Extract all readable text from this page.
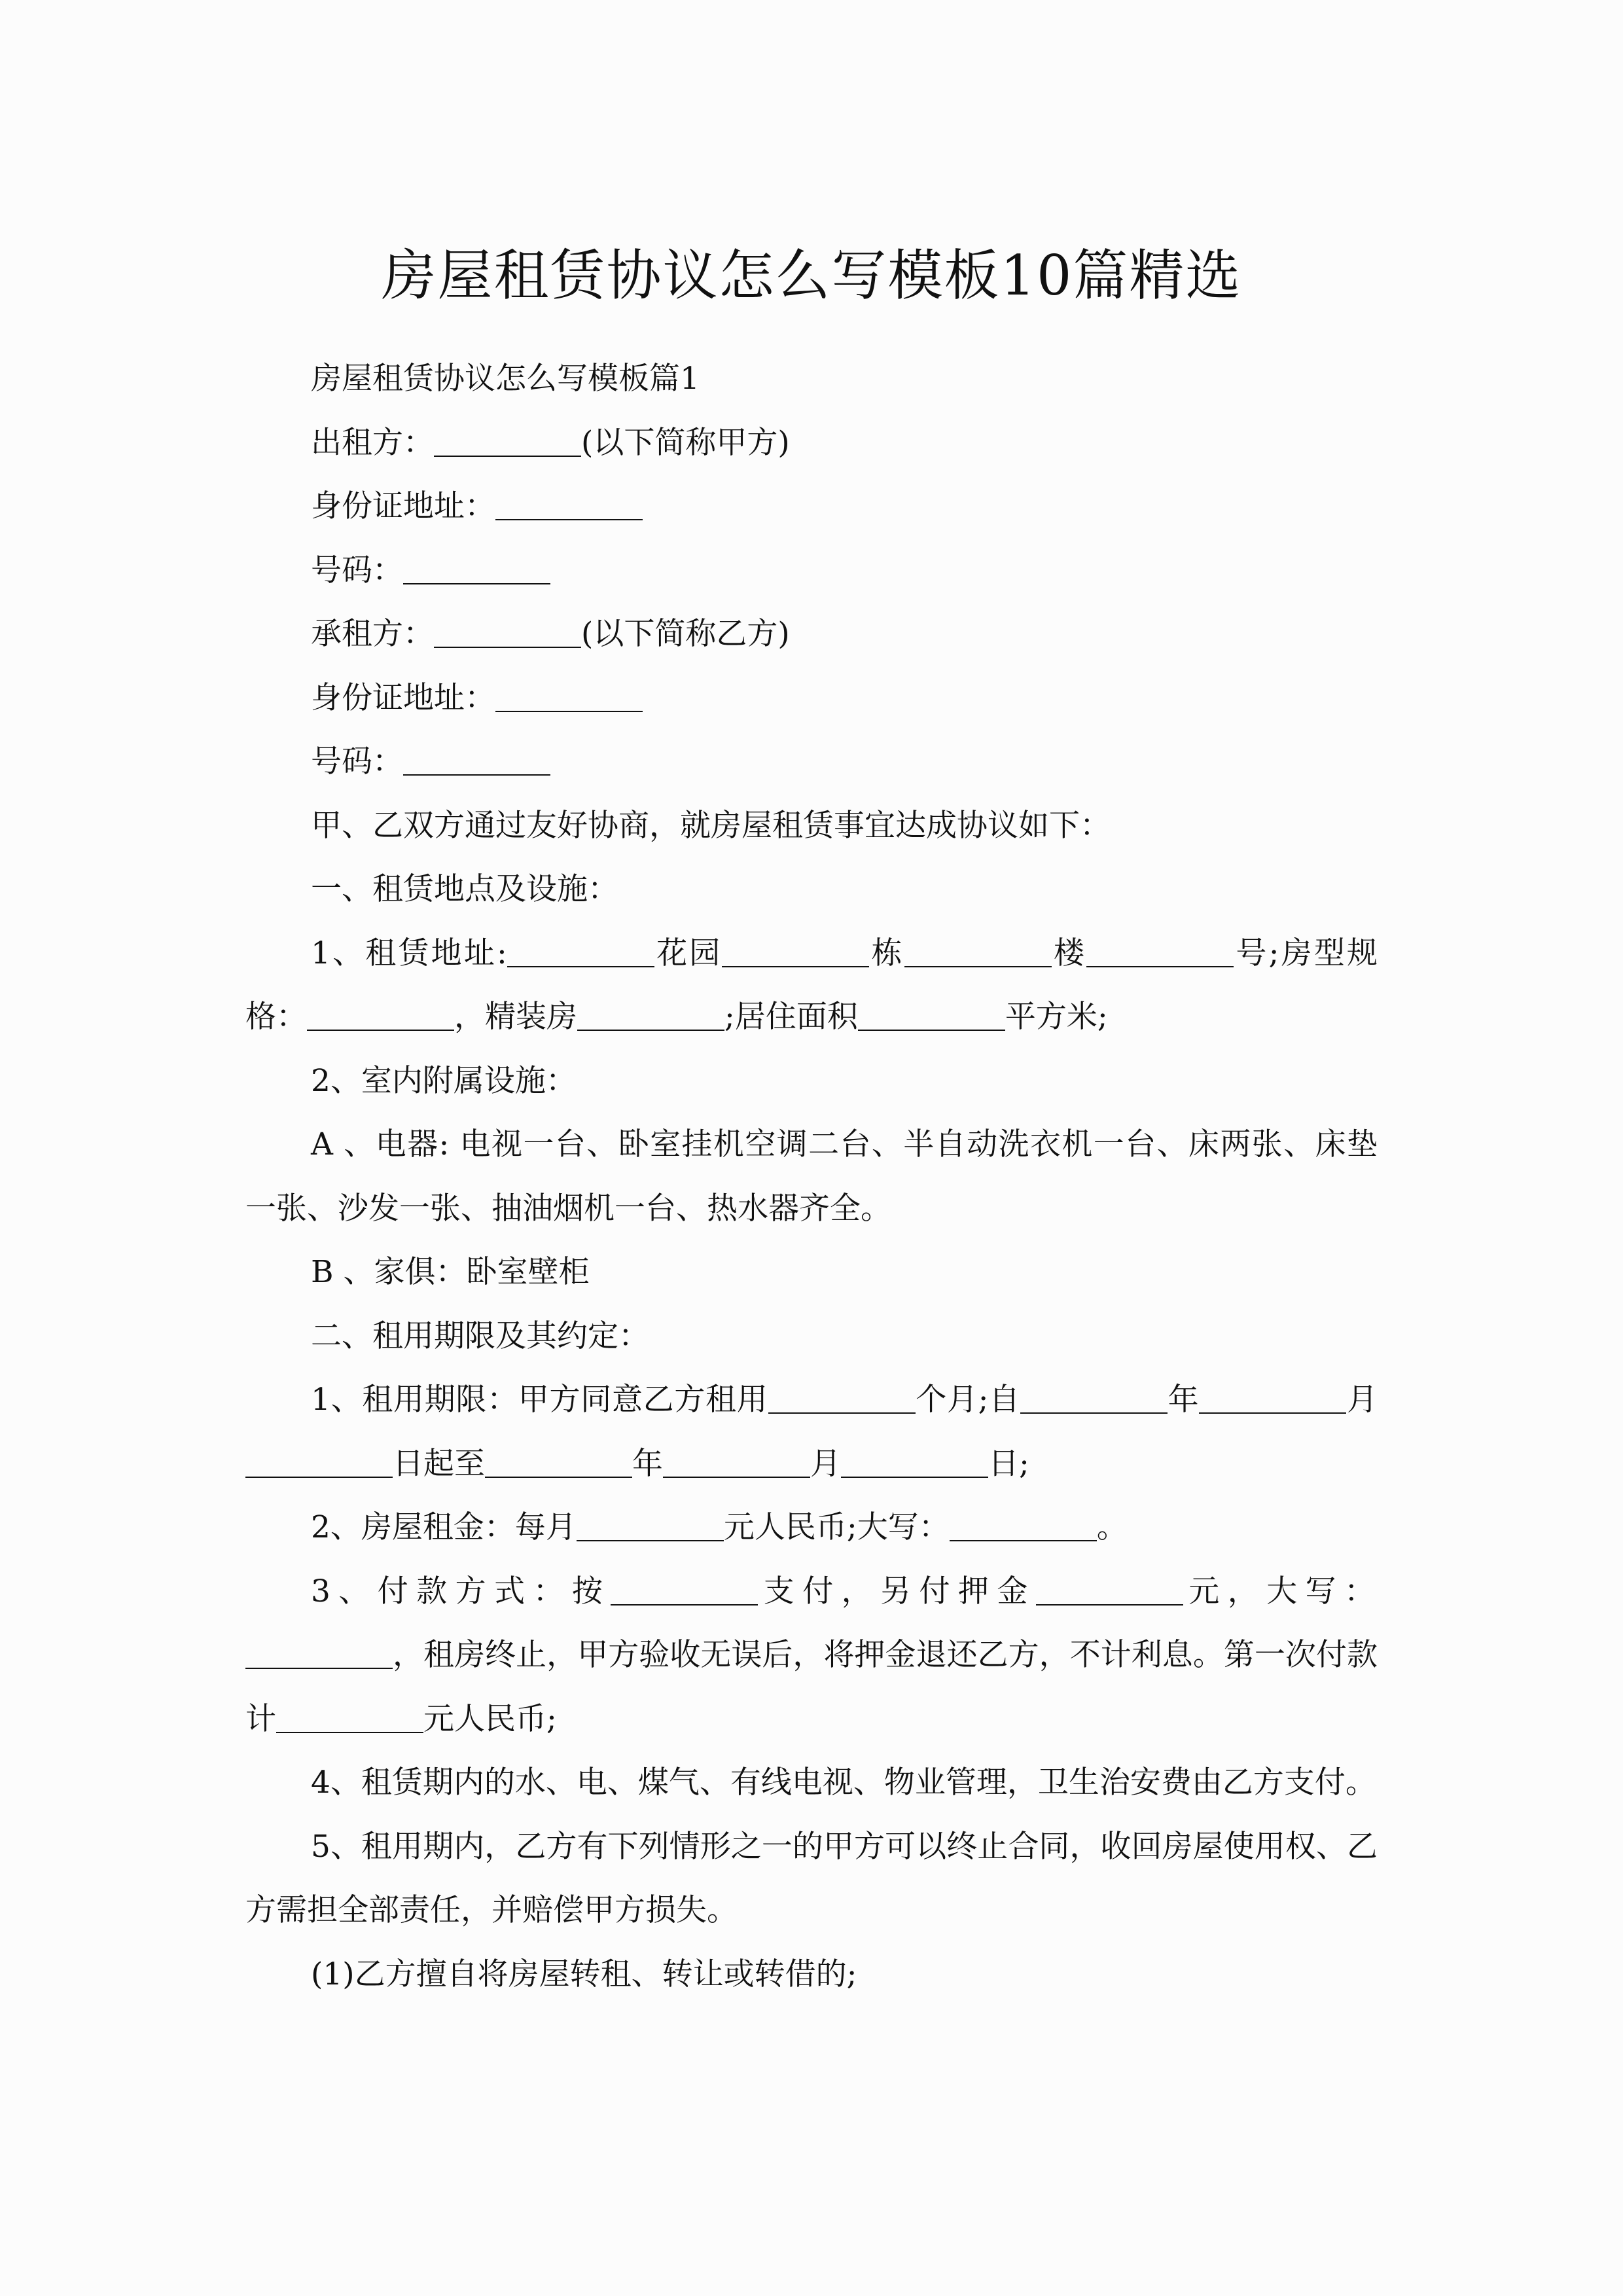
房屋租赁协议怎么写模板10篇精选

房屋租赁协议怎么写模板篇1

出租方：	(以下简称甲方)

身份证地址：

号码：

承租方：	(以下简称乙方)

身份证地址：

号码：

甲、乙双方通过友好协商，就房屋租赁事宜达成协议如下：

一、租赁地点及设施：

1、租赁地址:	花园	栋	楼	号;房型规格：	，精装房	;居住面积	平方米;

2、室内附属设施：

A 、电器: 电视一台、卧室挂机空调二台、半自动洗衣机一台、床两张、床垫一张、沙发一张、抽油烟机一台、热水器齐全。

B 、家俱：卧室壁柜

二、租用期限及其约定：

1、租用期限：甲方同意乙方租用	个月;自	年	月日起至	年	月	日;

2、房屋租金：每月	元人民币;大写：	。

3、付款方式：按	支付，另付押金	元，大写：，租房终止，甲方验收无误后，将押金退还乙方，不计利息。第一次付款计	元人民币;

4、租赁期内的水、电、煤气、有线电视、物业管理，卫生治安费由乙方支付。

5、租用期内，乙方有下列情形之一的甲方可以终止合同，收回房屋使用权、乙方需担全部责任，并赔偿甲方损失。

(1)乙方擅自将房屋转租、转让或转借的;
